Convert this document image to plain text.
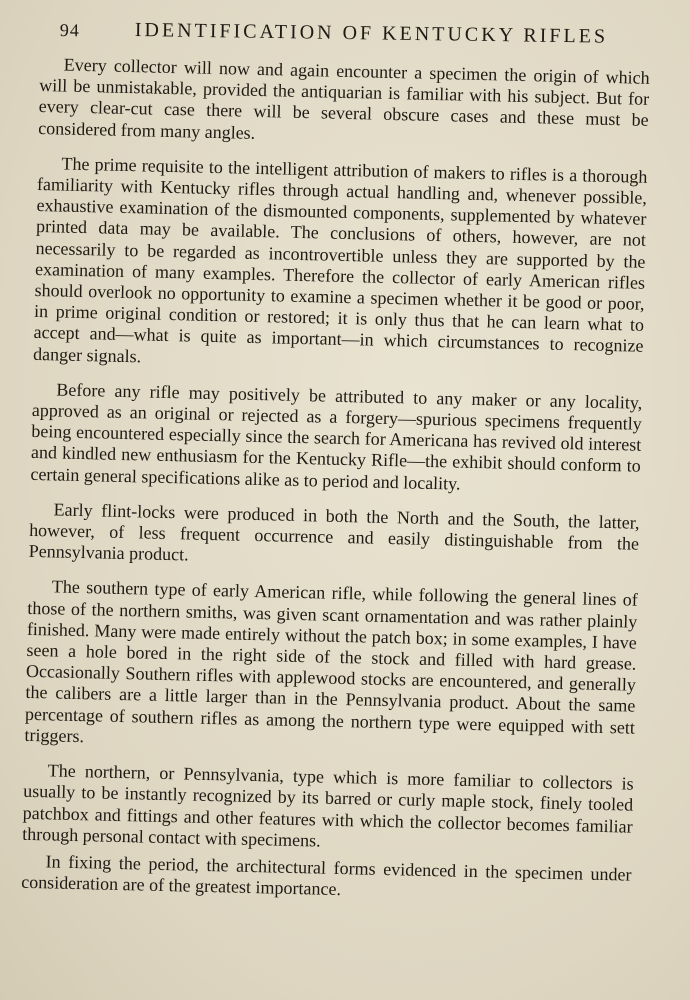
94	IDENTIFICATION OF KENTUCKY RIFLES

Every collector will now and again encounter a specimen the origin of which will be unmistakable, provided the antiquarian is familiar with his subject. But for every clear-cut case there will be several obscure cases and these must be considered from many angles.

The prime requisite to the intelligent attribution of makers to rifles is a thorough familiarity with Kentucky rifles through actual handling and, whenever possible, exhaustive examination of the dismounted components, supplemented by whatever printed data may be available. The conclusions of others, however, are not necessarily to be regarded as incontrovertible unless they are supported by the examination of many examples. Therefore the collector of early American rifles should overlook no opportunity to examine a specimen whether it be good or poor, in prime original condition or restored; it is only thus that he can learn what to accept and—what is quite as important—in which circumstances to recognize danger signals.

Before any rifle may positively be attributed to any maker or any locality, approved as an original or rejected as a forgery—spurious specimens frequently being encountered especially since the search for Americana has revived old interest and kindled new enthusiasm for the Kentucky Rifle—the exhibit should conform to certain general specifications alike as to period and locality.

Early flint-locks were produced in both the North and the South, the latter, however, of less frequent occurrence and easily distinguishable from the Pennsylvania product.

The southern type of early American rifle, while following the general lines of those of the northern smiths, was given scant ornamentation and was rather plainly finished. Many were made entirely without the patch box; in some examples, I have seen a hole bored in the right side of the stock and filled with hard grease. Occasionally Southern rifles with applewood stocks are encountered, and generally the calibers are a little larger than in the Pennsylvania product. About the same percentage of southern rifles as among the northern type were equipped with sett triggers.

The northern, or Pennsylvania, type which is more familiar to collectors is usually to be instantly recognized by its barred or curly maple stock, finely tooled patchbox and fittings and other features with which the collector becomes familiar through personal contact with specimens.

In fixing the period, the architectural forms evidenced in the specimen under consideration are of the greatest importance.
